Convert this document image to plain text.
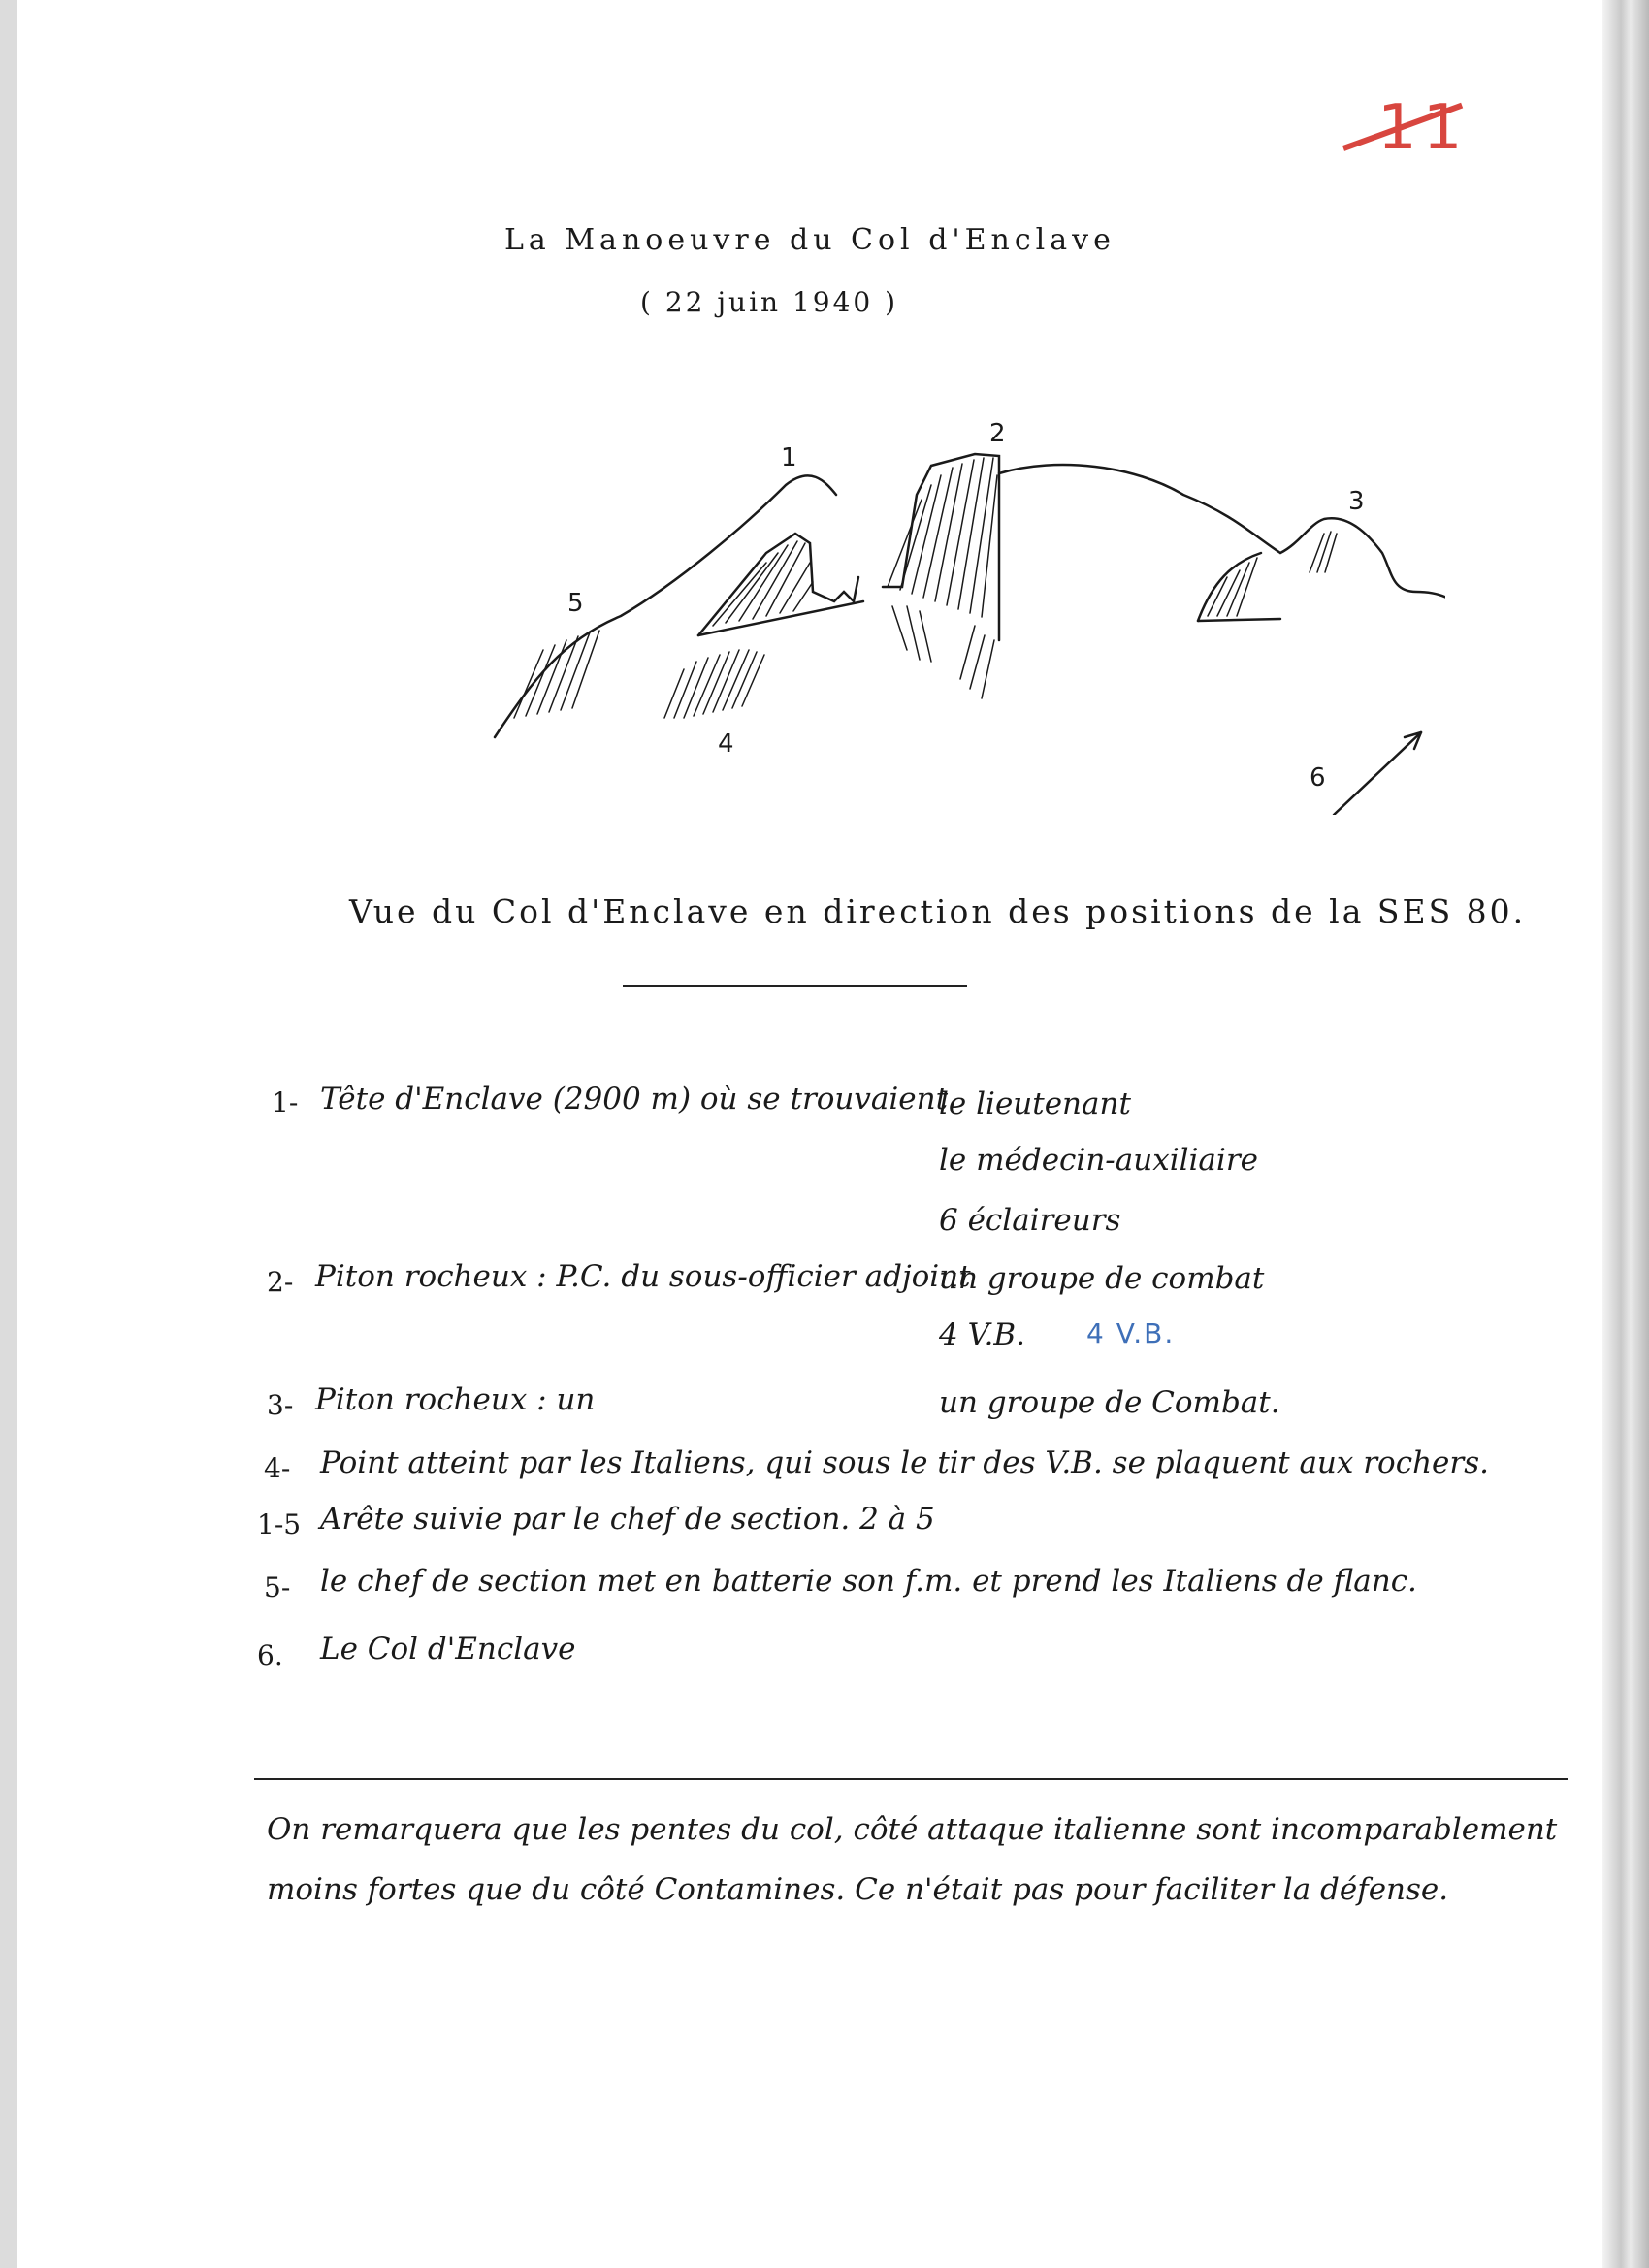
11
La Manoeuvre du Col d'Enclave
( 22 juin 1940 )
1
2
3
4
5
6
Vue du Col d'Enclave en direction des positions de la SES 80.
1- Tête d'Enclave (2900 m) où se trouvaient
le lieutenant
le médecin-auxiliaire
6 éclaireurs
2- Piton rocheux : P.C. du sous-officier adjoint
un groupe de combat
4 V.B. 4 V.B.
3- Piton rocheux : un	un groupe de Combat.
4- Point atteint par les Italiens, qui sous le tir des V.B. se plaquent aux rochers.
1-5 Arête suivie par le chef de section. 2 à 5
5- le chef de section met en batterie son f.m. et prend les Italiens de flanc.
6. Le Col d'Enclave
On remarquera que les pentes du col, côté attaque italienne sont incomparablement
moins fortes que du côté Contamines. Ce n'était pas pour faciliter la défense.
